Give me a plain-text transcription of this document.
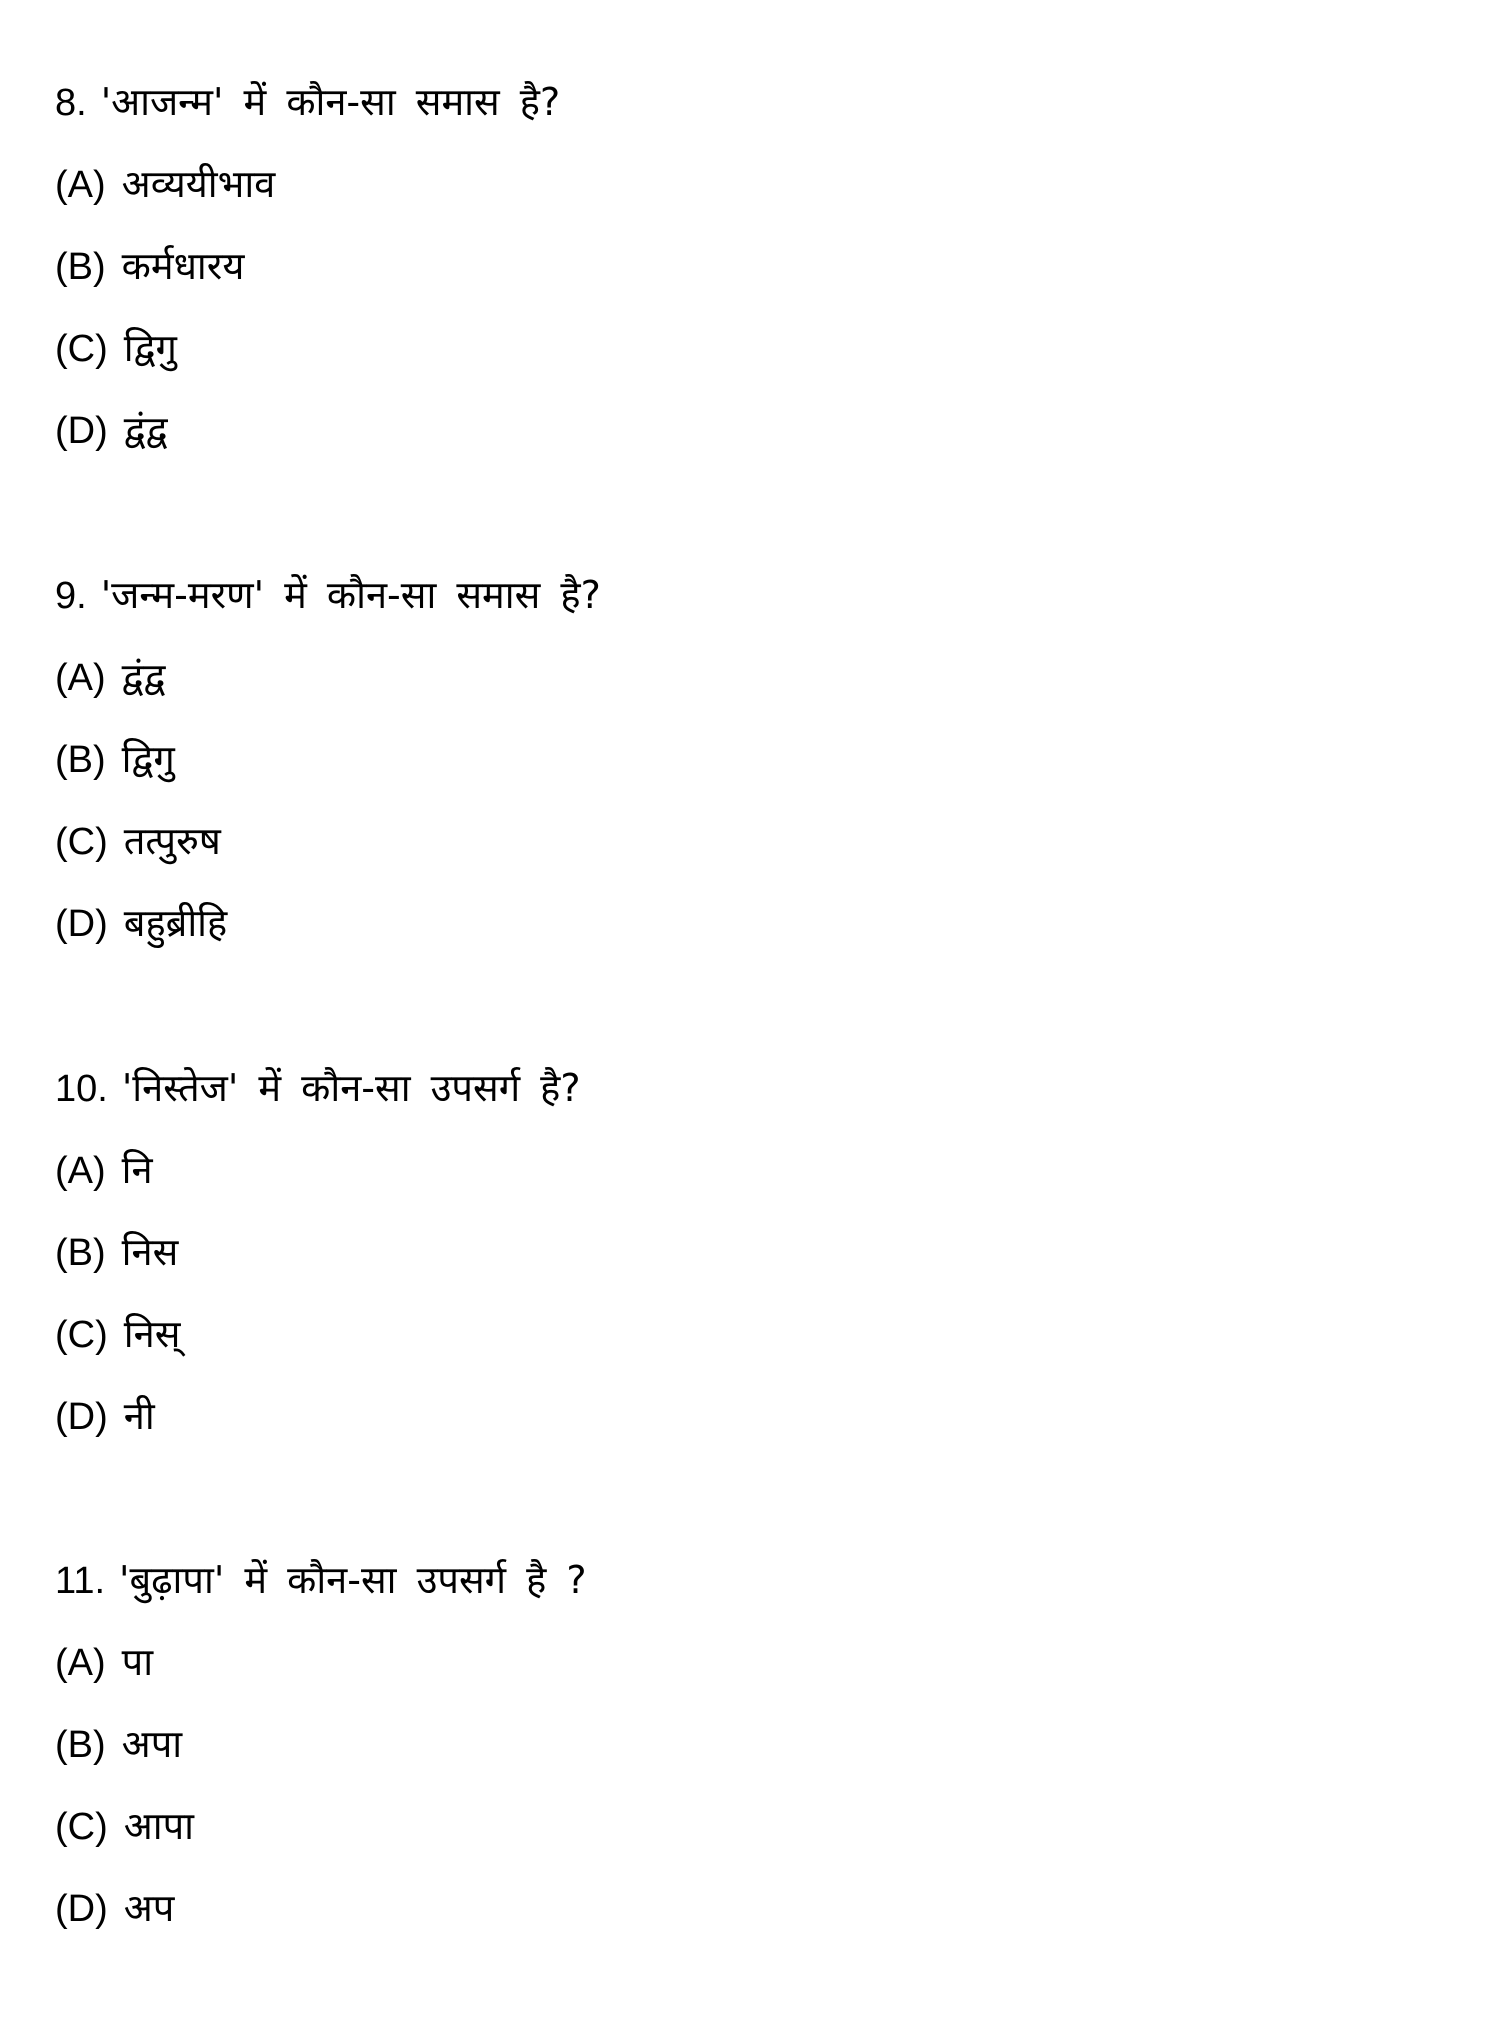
8. 'आजन्म' में कौन-सा समास है?
(A) अव्ययीभाव
(B) कर्मधारय
(C) द्विगु
(D) द्वंद्व
9. 'जन्म-मरण' में कौन-सा समास है?
(A) द्वंद्व
(B) द्विगु
(C) तत्पुरुष
(D) बहुब्रीहि
10. 'निस्तेज' में कौन-सा उपसर्ग है?
(A) नि
(B) निस
(C) निस्
(D) नी
11. 'बुढ़ापा' में कौन-सा उपसर्ग है ?
(A) पा
(B) अपा
(C) आपा
(D) अप
